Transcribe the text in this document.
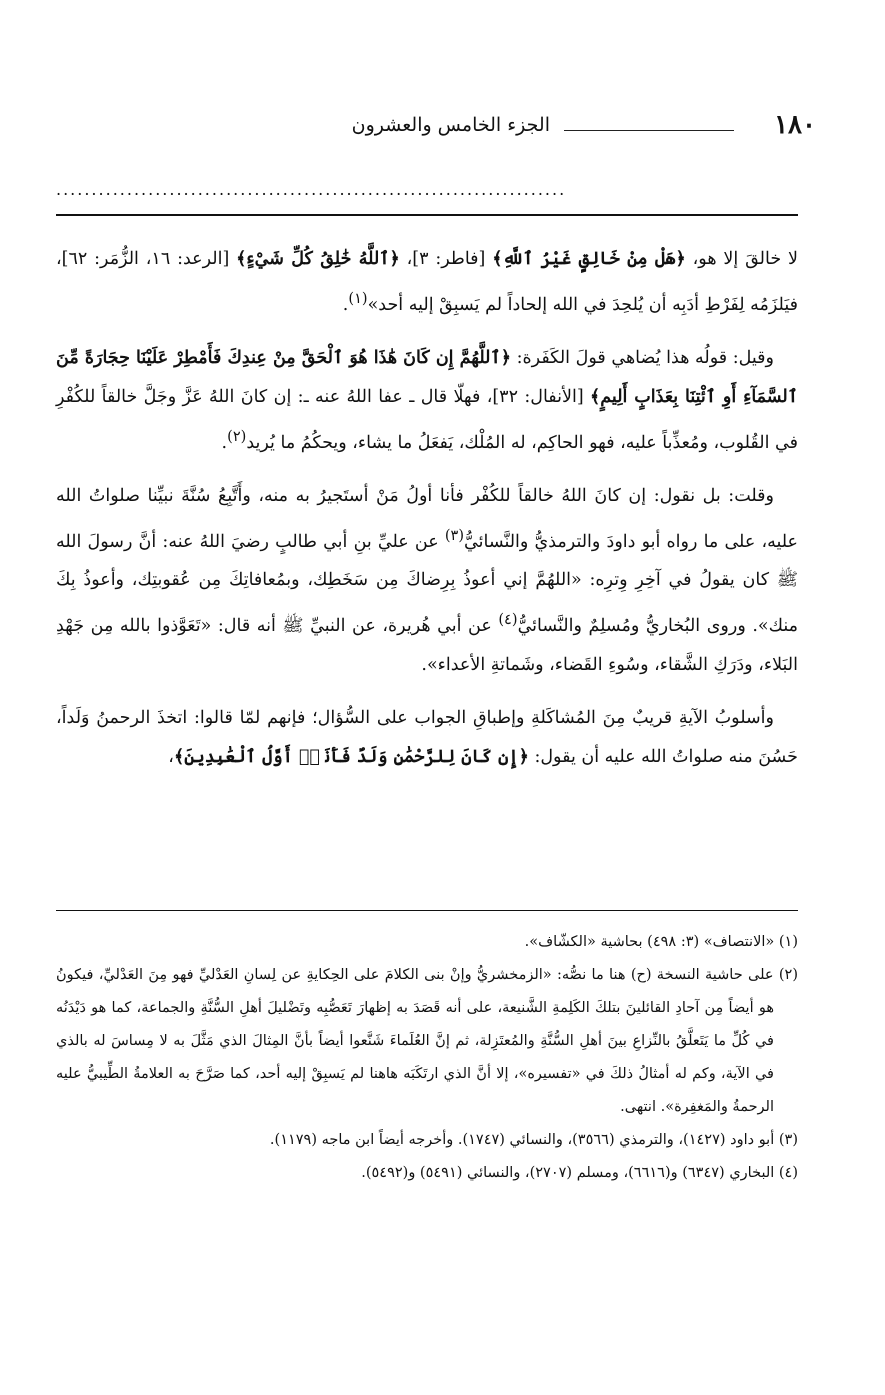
١٨٠
الجزء الخامس والعشرون
........................................................................

لا خالقَ إلا هو، ﴿هَلْ مِنْ خَالِقٍ غَيْرُ ٱللَّهِ﴾ [فاطر: ٣]، ﴿ٱللَّهُ خَٰلِقُ كُلِّ شَيْءٍ﴾ [الرعد: ١٦، الزُّمَر: ٦٢]، فيَلزَمُه لِفَرْطِ أدَبِه أن يُلحِدَ في الله إلحاداً لم يَسبِقْ إليه أحد»$^{(١)}$.

وقيل: قولُه هذا يُضاهي قولَ الكَفَرة: ﴿ٱللَّهُمَّ إِن كَانَ هَٰذَا هُوَ ٱلْحَقَّ مِنْ عِندِكَ فَأَمْطِرْ عَلَيْنَا حِجَارَةً مِّنَ ٱلسَّمَآءِ أَوِ ٱئْتِنَا بِعَذَابٍ أَلِيمٍ﴾ [الأنفال: ٣٢]، فهلّا قال ـ عفا اللهُ عنه ـ: إن كانَ اللهُ عَزَّ وجَلَّ خالقاً للكُفْرِ في القُلوب، ومُعذِّباً عليه، فهو الحاكِم، له المُلْك، يَفعَلُ ما يشاء، ويحكُمُ ما يُريد$^{(٢)}$.

وقلت: بل نقول: إن كانَ اللهُ خالقاً للكُفْر فأنا أولُ مَنْ أستَجيرُ به منه، وأَتَّبِعُ سُنَّةَ نبيِّنا صلواتُ الله عليه، على ما رواه أبو داودَ والترمذيُّ والنَّسائيُّ$^{(٣)}$ عن عليِّ بنِ أبي طالبٍ رضيَ اللهُ عنه: أنَّ رسولَ الله ﷺ كان يقولُ في آخِرِ وِترِه: «اللهُمَّ إني أعوذُ بِرِضاكَ مِن سَخَطِك، وبمُعافاتِكَ مِن عُقوبتِك، وأعوذُ بِكَ منك». وروى البُخاريُّ ومُسلِمٌ والنَّسائيُّ$^{(٤)}$ عن أبي هُريرة، عن النبيِّ ﷺ أنه قال: «تَعَوَّذوا بالله مِن جَهْدِ البَلاء، ودَرَكِ الشَّقاء، وسُوءِ القَضاء، وشَماتةِ الأعداء».

وأسلوبُ الآيةِ قريبٌ مِنَ المُشاكَلةِ وإطباقِ الجواب على السُّؤال؛ فإنهم لمّا قالوا: اتخذَ الرحمنُ وَلَداً، حَسُنَ منه صلواتُ الله عليه أن يقول: ﴿إِن كَانَ لِلرَّحْمَٰنِ وَلَدٌ فَأَنَا۠ أَوَّلُ ٱلْعَٰبِدِينَ﴾،

(١) «الانتصاف» (٣: ٤٩٨) بحاشية «الكشّاف».

(٢) على حاشية النسخة (ح) هنا ما نصُّه: «الزمخشريُّ وإنْ بنى الكلامَ على الحِكايةِ عن لِسانِ العَدْليِّ فهو مِنَ العَدْليِّ، فيكونُ هو أيضاً مِن آحادِ القائلينَ بتلكَ الكَلِمةِ الشَّنيعة، على أنه قَصَدَ به إظهارَ تَعَصُّبِه وتَضْليلَ أهلِ السُّنَّةِ والجماعة، كما هو دَيْدَنُه في كُلِّ ما يَتَعلَّقُ بالنِّزاعِ بينَ أهلِ السُّنَّةِ والمُعتَزِلة، ثم إنَّ العُلَماءَ شَنَّعوا أيضاً بأنَّ المِثالَ الذي مَثَّلَ به لا مِساسَ له بالذي في الآية، وكم له أمثالُ ذلكَ في «تفسيره»، إلا أنَّ الذي ارتَكَبَه هاهنا لم يَسبِقْ إليه أحد، كما صَرَّحَ به العلامةُ الطِّيبيُّ عليه الرحمةُ والمَغفِرة». انتهى.

(٣) أبو داود (١٤٢٧)، والترمذي (٣٥٦٦)، والنسائي (١٧٤٧). وأخرجه أيضاً ابن ماجه (١١٧٩).

(٤) البخاري (٦٣٤٧) و(٦٦١٦)، ومسلم (٢٧٠٧)، والنسائي (٥٤٩١) و(٥٤٩٢).
